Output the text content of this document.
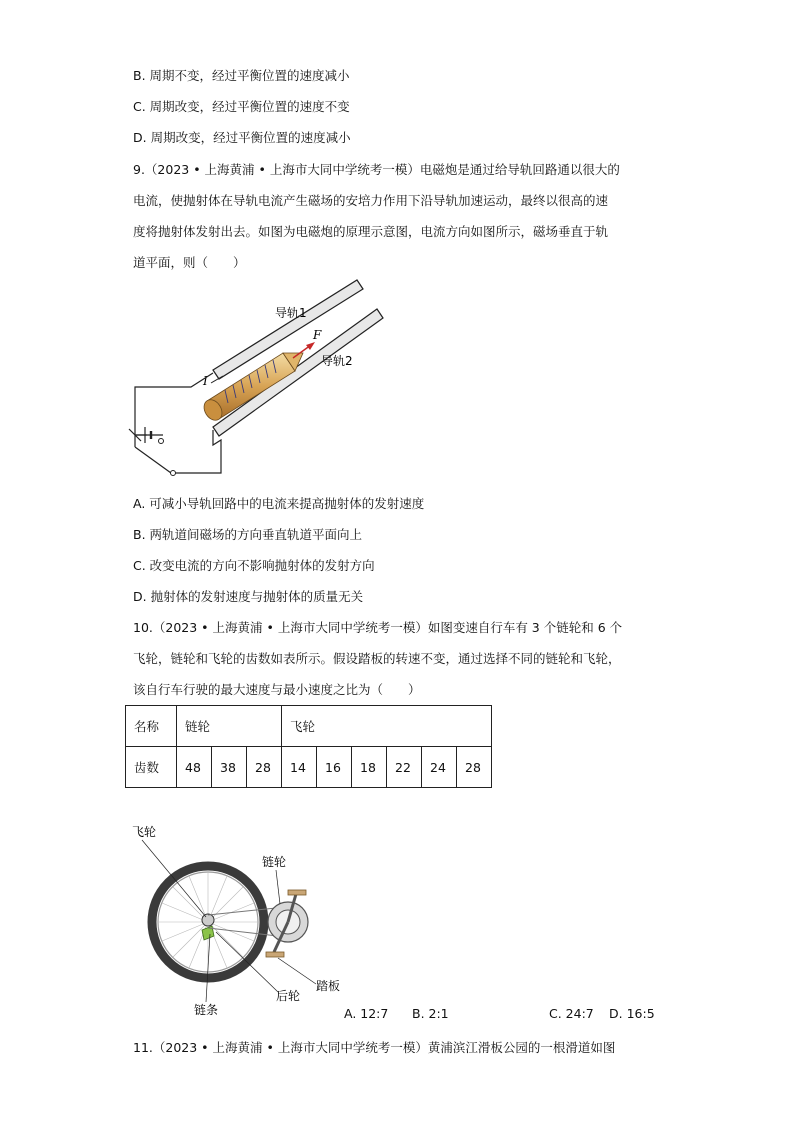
B. 周期不变，经过平衡位置的速度减小
C. 周期改变，经过平衡位置的速度不变
D. 周期改变，经过平衡位置的速度减小
9.（2023 • 上海黄浦 • 上海市大同中学统考一模）电磁炮是通过给导轨回路通以很大的
电流，使抛射体在导轨电流产生磁场的安培力作用下沿导轨加速运动，最终以很高的速
度将抛射体发射出去。如图为电磁炮的原理示意图，电流方向如图所示，磁场垂直于轨
道平面，则（　　）
F
I
导轨1
导轨2
A. 可减小导轨回路中的电流来提高抛射体的发射速度
B. 两轨道间磁场的方向垂直轨道平面向上
C. 改变电流的方向不影响抛射体的发射方向
D. 抛射体的发射速度与抛射体的质量无关
10.（2023 • 上海黄浦 • 上海市大同中学统考一模）如图变速自行车有 3 个链轮和 6 个
飞轮，链轮和飞轮的齿数如表所示。假设踏板的转速不变，通过选择不同的链轮和飞轮，
该自行车行驶的最大速度与最小速度之比为（　　）
名称	链轮			飞轮					
齿数	48	38	28	14	16	18	22	24	28
飞轮
链轮
踏板
链条
后轮
A. 12:7 B. 2:1	C. 24:7 D. 16:5
11.（2023 • 上海黄浦 • 上海市大同中学统考一模）黄浦滨江滑板公园的一根滑道如图
